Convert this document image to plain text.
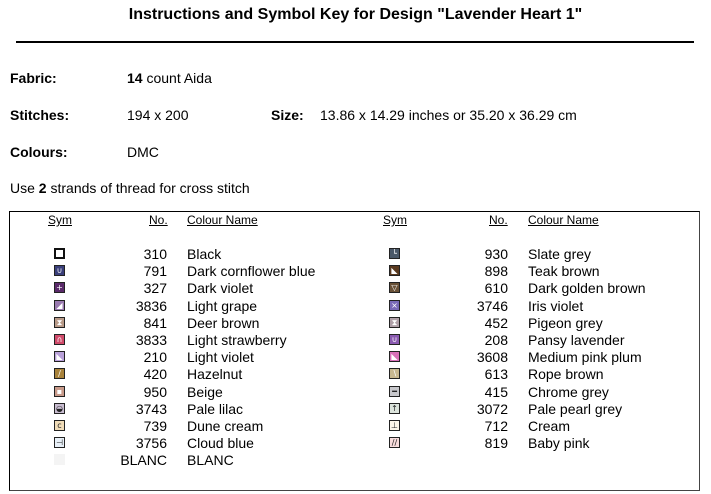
Instructions and Symbol Key for Design "Lavender Heart 1"
Fabric:	14 count Aida
Stitches:	194 x 200	Size: 13.86 x 14.29 inches or 35.20 x 36.29 cm
Colours:	DMC
Use 2 strands of thread for cross stitch
Sym	No. Colour Name	Sym	No. Colour Name
310 Black
∪	791 Dark cornflower blue
+	327 Dark violet
◢	3836 Light grape
⧗	841 Deer brown
∩	3833 Light strawberry
◣	210 Light violet
∕	420 Hazelnut
▪	950 Beige
◒	3743 Pale lilac
c	739 Dune cream
⊣	3756 Cloud blue
BLANC BLANC
└	930 Slate grey
◣	898 Teak brown
▽	610 Dark golden brown
×	3746 Iris violet
⧗	452 Pigeon grey
∪	208 Pansy lavender
◣	3608 Medium pink plum
∖	613 Rope brown
━	415 Chrome grey
↑	3072 Pale pearl grey
⊥	712 Cream
∕∕	819 Baby pink
